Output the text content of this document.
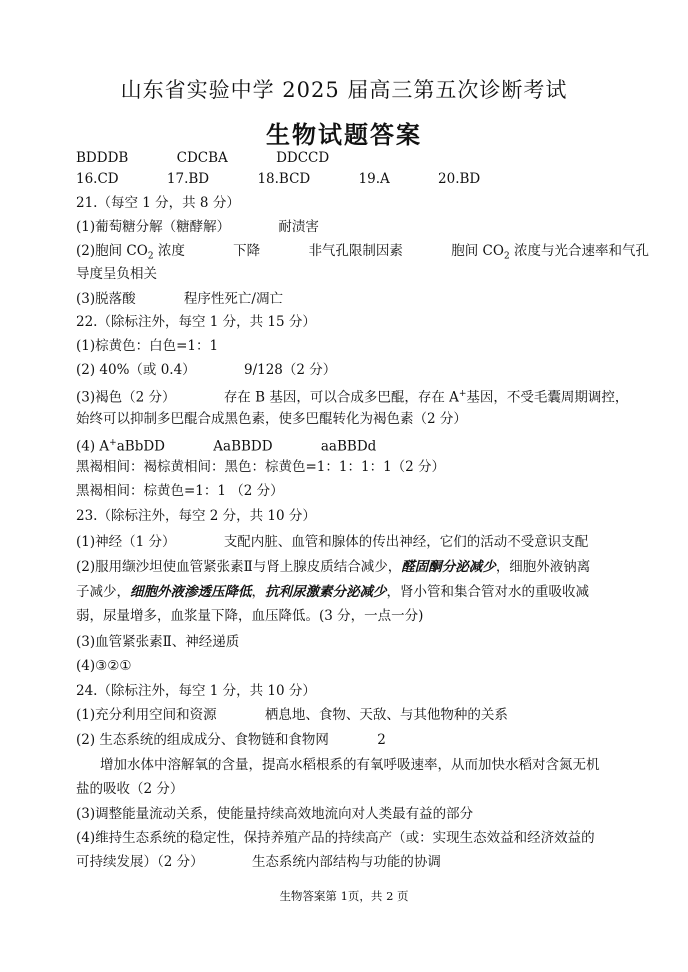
山东省实验中学 2025 届高三第五次诊断考试
生物试题答案
BDDDB	CDCBA	DDCCD
16.CD	17.BD	18.BCD	19.A	20.BD
21.（每空 1 分，共 8 分）
(1)葡萄糖分解（糖酵解）	耐渍害
(2)胞间 $CO_2$ 浓度	下降	非气孔限制因素	胞间 $CO_2$ 浓度与光合速率和气孔
导度呈负相关
(3)脱落酸	程序性死亡/凋亡
22.（除标注外，每空 1 分，共 15 分）
(1)棕黄色：白色=1：1
(2) 40%（或 0.4）	9/128（2 分）
(3)褐色（2 分）	存在 B 基因，可以合成多巴醌，存在 A+基因，不受毛囊周期调控，
始终可以抑制多巴醌合成黑色素，使多巴醌转化为褐色素（2 分）
(4) A+aBbDD	AaBBDD	aaBBDd
黑褐相间：褐棕黄相间：黑色：棕黄色=1：1：1：1（2 分）
黑褐相间：棕黄色=1：1 （2 分）
23.（除标注外，每空 2 分，共 10 分）
(1)神经（1 分）	支配内脏、血管和腺体的传出神经，它们的活动不受意识支配
(2)服用缬沙坦使血管紧张素Ⅱ与肾上腺皮质结合减少，醛固酮分泌减少，细胞外液钠离
子减少，细胞外液渗透压降低，抗利尿激素分泌减少，肾小管和集合管对水的重吸收减
弱，尿量增多，血浆量下降，血压降低。(3 分，一点一分)
(3)血管紧张素Ⅱ、神经递质
(4)③②①
24.（除标注外，每空 1 分，共 10 分）
(1)充分利用空间和资源	栖息地、食物、天敌、与其他物种的关系
(2) 生态系统的组成成分、食物链和食物网	2
增加水体中溶解氧的含量，提高水稻根系的有氧呼吸速率，从而加快水稻对含氮无机
盐的吸收（2 分）
(3)调整能量流动关系，使能量持续高效地流向对人类最有益的部分
(4)维持生态系统的稳定性，保持养殖产品的持续高产（或：实现生态效益和经济效益的
可持续发展）（2 分）	生态系统内部结构与功能的协调
生物答案第 1页，共 2 页
